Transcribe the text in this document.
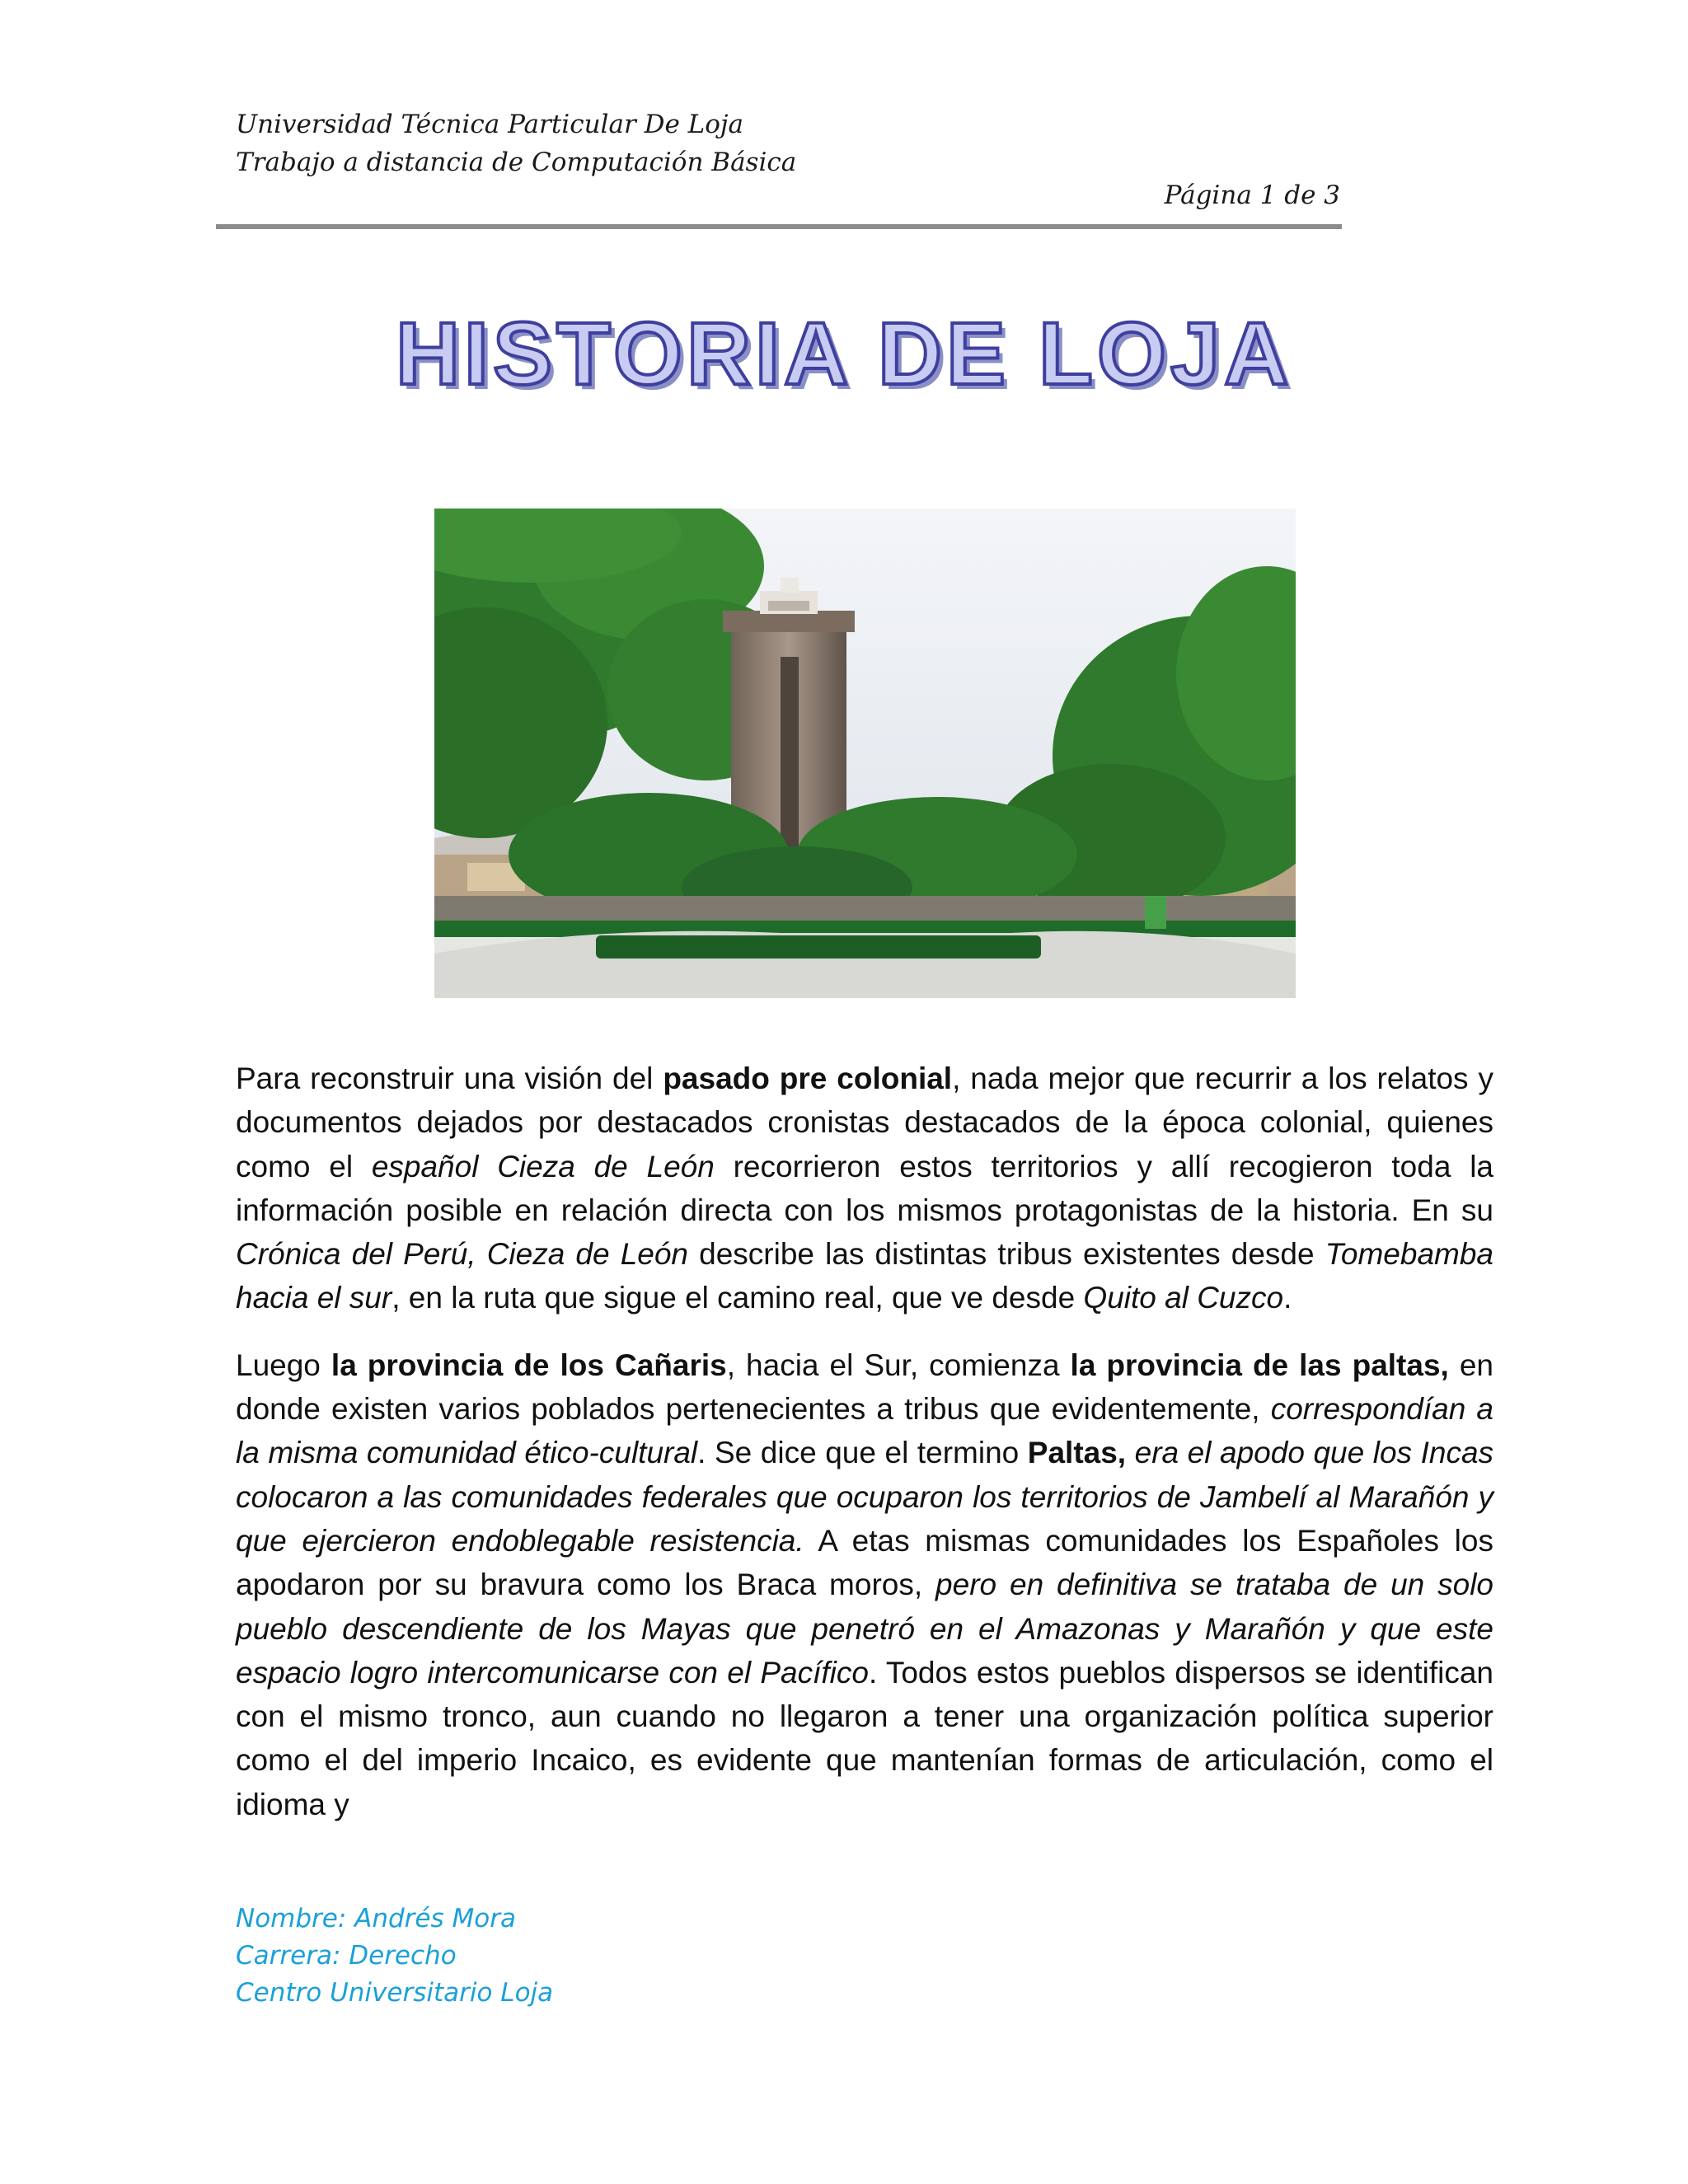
Universidad Técnica Particular De Loja
Trabajo a distancia de Computación Básica
Página 1 de 3
HISTORIA DE LOJA

Para reconstruir una visión del pasado pre colonial, nada mejor que recurrir a los relatos y documentos dejados por destacados cronistas destacados de la época colonial, quienes como el español Cieza de León recorrieron estos territorios y allí recogieron toda la información posible en relación directa con los mismos protagonistas de la historia. En su Crónica del Perú, Cieza de León describe las distintas tribus existentes desde Tomebamba hacia el sur, en la ruta que sigue el camino real, que ve desde Quito al Cuzco.

Luego la provincia de los Cañaris, hacia el Sur, comienza la provincia de las paltas, en donde existen varios poblados pertenecientes a tribus que evidentemente, correspondían a la misma comunidad ético-cultural. Se dice que el termino Paltas, era el apodo que los Incas colocaron a las comunidades federales que ocuparon los territorios de Jambelí al Marañón y que ejercieron endoblegable resistencia. A etas mismas comunidades los Españoles los apodaron por su bravura como los Braca moros, pero en definitiva se trataba de un solo pueblo descendiente de los Mayas que penetró en el Amazonas y Marañón y que este espacio logro intercomunicarse con el Pacífico. Todos estos pueblos dispersos se identifican con el mismo tronco, aun cuando no llegaron a tener una organización política superior como el del imperio Incaico, es evidente que mantenían formas de articulación, como el idioma y

Nombre: Andrés Mora
Carrera: Derecho
Centro Universitario Loja
